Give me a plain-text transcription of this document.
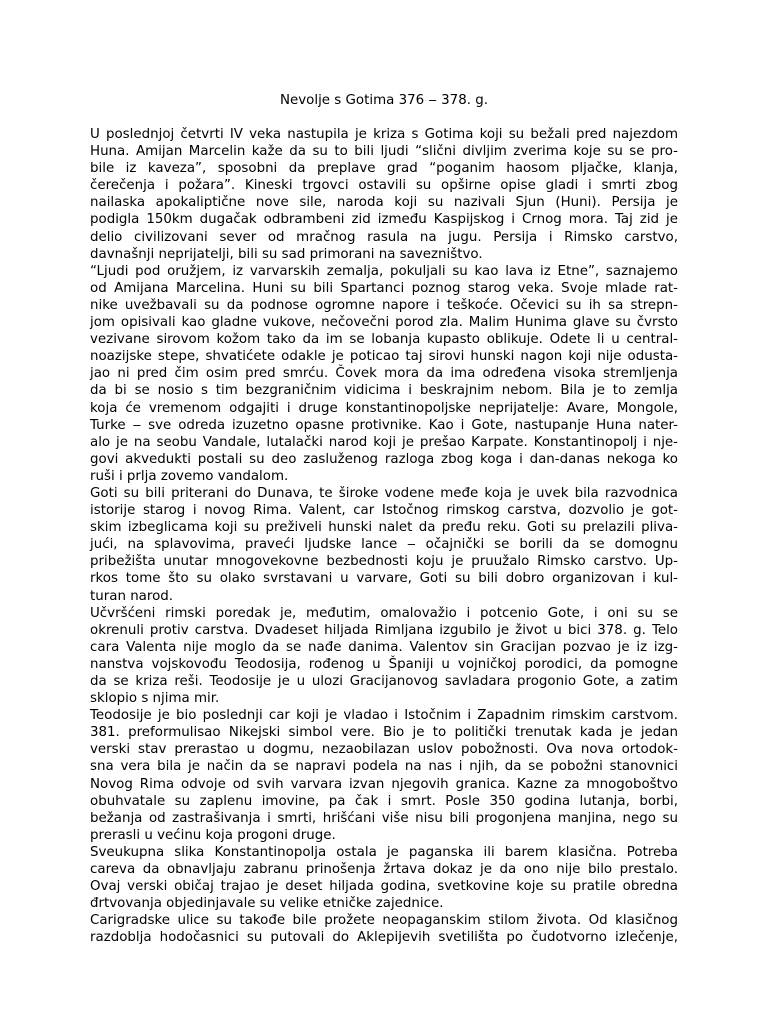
Nevolje s Gotima 376 ‒ 378. g.
U poslednjoj četvrti IV veka nastupila je kriza s Gotima koji su bežali pred najezdom
Huna. Amijan Marcelin kaže da su to bili ljudi “slični divljim zverima koje su se pro-
bile iz kaveza”, sposobni da preplave grad “poganim haosom pljačke, klanja,
čerečenja i požara”. Kineski trgovci ostavili su opširne opise gladi i smrti zbog
nailaska apokaliptične nove sile, naroda koji su nazivali Sjun (Huni). Persija je
podigla 150km dugačak odbrambeni zid između Kaspijskog i Crnog mora. Taj zid je
delio civilizovani sever od mračnog rasula na jugu. Persija i Rimsko carstvo,
davnašnji neprijatelji, bili su sad primorani na savezništvo.
“Ljudi pod oružjem, iz varvarskih zemalja, pokuljali su kao lava iz Etne”, saznajemo
od Amijana Marcelina. Huni su bili Spartanci poznog starog veka. Svoje mlade rat-
nike uvežbavali su da podnose ogromne napore i teškoće. Očevici su ih sa strepn-
jom opisivali kao gladne vukove, nečovečni porod zla. Malim Hunima glave su čvrsto
vezivane sirovom kožom tako da im se lobanja kupasto oblikuje. Odete li u central-
noazijske stepe, shvatićete odakle je poticao taj sirovi hunski nagon koji nije odusta-
jao ni pred čim osim pred smrću. Čovek mora da ima određena visoka stremljenja
da bi se nosio s tim bezgraničnim vidicima i beskrajnim nebom. Bila je to zemlja
koja će vremenom odgajiti i druge konstantinopoljske neprijatelje: Avare, Mongole,
Turke ‒ sve odreda izuzetno opasne protivnike. Kao i Gote, nastupanje Huna nater-
alo je na seobu Vandale, lutalački narod koji je prešao Karpate. Konstantinopolj i nje-
govi akvedukti postali su deo zasluženog razloga zbog koga i dan-danas nekoga ko
ruši i prlja zovemo vandalom.
Goti su bili priterani do Dunava, te široke vodene međe koja je uvek bila razvodnica
istorije starog i novog Rima. Valent, car Istočnog rimskog carstva, dozvolio je got-
skim izbeglicama koji su preživeli hunski nalet da pređu reku. Goti su prelazili pliva-
jući, na splavovima, praveći ljudske lance ‒ očajnički se borili da se domognu
pribežišta unutar mnogovekovne bezbednosti koju je pruužalo Rimsko carstvo. Up-
rkos tome što su olako svrstavani u varvare, Goti su bili dobro organizovan i kul-
turan narod.
Učvršćeni rimski poredak je, međutim, omalovažio i potcenio Gote, i oni su se
okrenuli protiv carstva. Dvadeset hiljada Rimljana izgubilo je život u bici 378. g. Telo
cara Valenta nije moglo da se nađe danima. Valentov sin Gracijan pozvao je iz izg-
nanstva vojskovođu Teodosija, rođenog u Španiji u vojničkoj porodici, da pomogne
da se kriza reši. Teodosije je u ulozi Gracijanovog savladara progonio Gote, a zatim
sklopio s njima mir.
Teodosije je bio poslednji car koji je vladao i Istočnim i Zapadnim rimskim carstvom.
381. preformulisao Nikejski simbol vere. Bio je to politički trenutak kada je jedan
verski stav prerastao u dogmu, nezaobilazan uslov pobožnosti. Ova nova ortodok-
sna vera bila je način da se napravi podela na nas i njih, da se pobožni stanovnici
Novog Rima odvoje od svih varvara izvan njegovih granica. Kazne za mnogoboštvo
obuhvatale su zaplenu imovine, pa čak i smrt. Posle 350 godina lutanja, borbi,
bežanja od zastrašivanja i smrti, hrišćani više nisu bili progonjena manjina, nego su
prerasli u većinu koja progoni druge.
Sveukupna slika Konstantinopolja ostala je paganska ili barem klasična. Potreba
careva da obnavljaju zabranu prinošenja žrtava dokaz je da ono nije bilo prestalo.
Ovaj verski običaj trajao je deset hiljada godina, svetkovine koje su pratile obredna
đrtvovanja objedinjavale su velike etničke zajednice.
Carigradske ulice su takođe bile prožete neopaganskim stilom života. Od klasičnog
razdoblja hodočasnici su putovali do Aklepijevih svetilišta po čudotvorno izlečenje,
